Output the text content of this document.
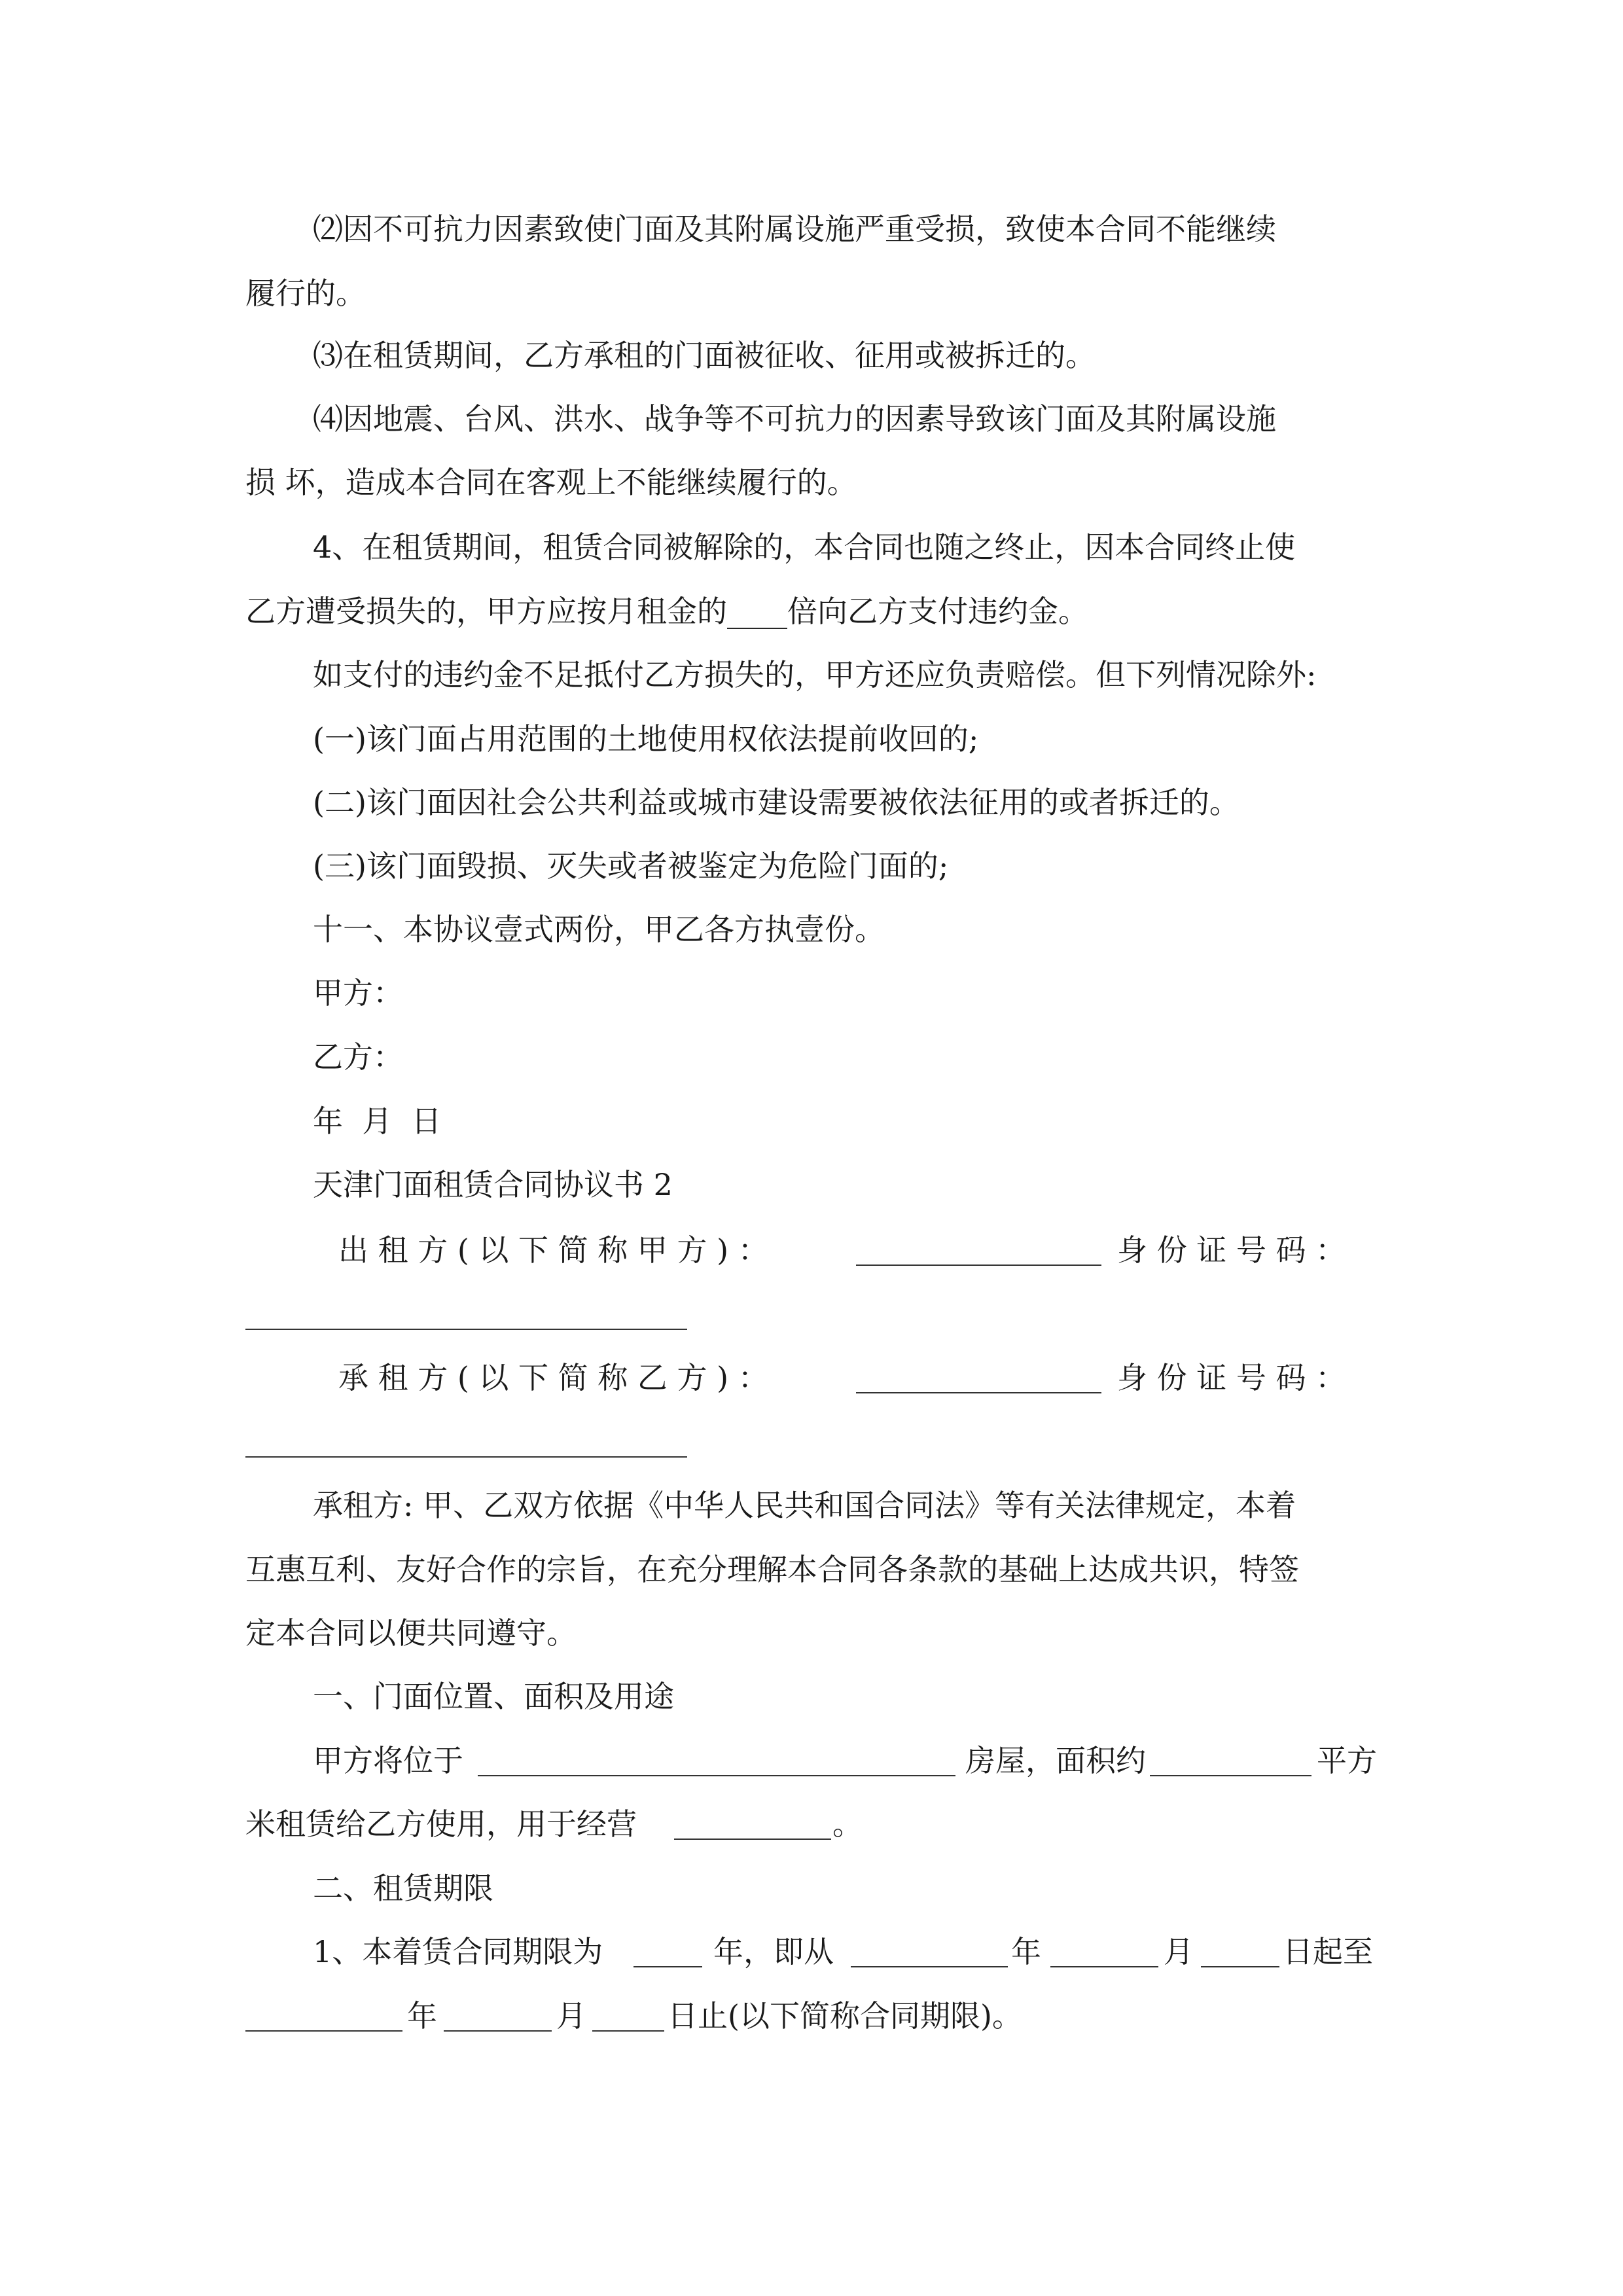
⑵因不可抗力因素致使门面及其附属设施严重受损，致使本合同不能继续
履行的。
⑶在租赁期间，乙方承租的门面被征收、征用或被拆迁的。
⑷因地震、台风、洪水、战争等不可抗力的因素导致该门面及其附属设施
损 坏，造成本合同在客观上不能继续履行的。
4、在租赁期间，租赁合同被解除的，本合同也随之终止，因本合同终止使
乙方遭受损失的，甲方应按月租金的____倍向乙方支付违约金。
如支付的违约金不足抵付乙方损失的，甲方还应负责赔偿。但下列情况除外:
(一)该门面占用范围的土地使用权依法提前收回的;
(二)该门面因社会公共利益或城市建设需要被依法征用的或者拆迁的。
(三)该门面毁损、灭失或者被鉴定为危险门面的;
十一、本协议壹式两份，甲乙各方执壹份。
甲方：
乙方：
年  月  日
天津门面租赁合同协议书 2
出 租 方 ( 以 下 简 称 甲 方 ) ：	身 份 证 号 码 ：
承 租 方 ( 以 下 简 称 乙 方 ) ：	身 份 证 号 码 ：
承租方: 甲、乙双方依据《中华人民共和国合同法》等有关法律规定，本着
互惠互利、友好合作的宗旨，在充分理解本合同各条款的基础上达成共识，特签
定本合同以便共同遵守。
一、门面位置、面积及用途
甲方将位于	房屋，面积约	平方
米租赁给乙方使用，用于经营	。
二、租赁期限
1、本着赁合同期限为	年，即从	年	月	日起至
年	月	日止(以下简称合同期限)。
